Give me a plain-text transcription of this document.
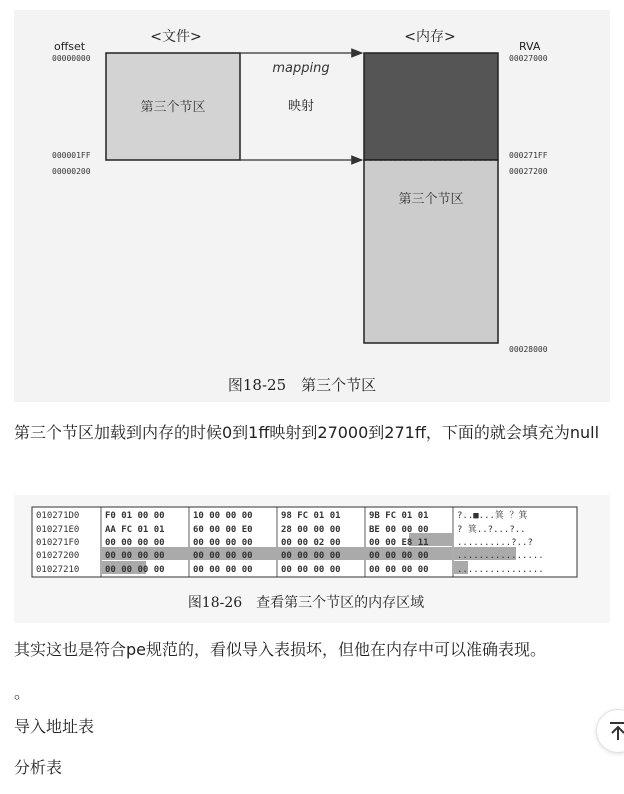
<文件>	<内存>
offset
00000000
000001FF
00000200
第三个节区
mapping
映射
第三个节区
RVA
00027000
000271FF
00027200
00028000
图18-25　第三个节区
第三个节区加载到内存的时候0到1ff映射到27000到271ff，下面的就会填充为null
010271D0	F0 01 00 00	10 00 00 00	98 FC 01 01	9B FC 01 01	?..■...箕 ？箕
010271E0	AA FC 01 01	60 00 00 E0	28 00 00 00	BE 00 00 00	? 箕..?...?..
010271F0	00 00 00 00	00 00 00 00	00 00 02 00	00 00 E8 11	..........?..?
01027200	00 00 00 00	00 00 00 00	00 00 00 00	00 00 00 00	................
01027210	00 00 00 00	00 00 00 00	00 00 00 00	00 00 00 00	................
图18-26　查看第三个节区的内存区域
其实这也是符合pe规范的，看似导入表损坏，但他在内存中可以准确表现。
。
导入地址表
分析表
